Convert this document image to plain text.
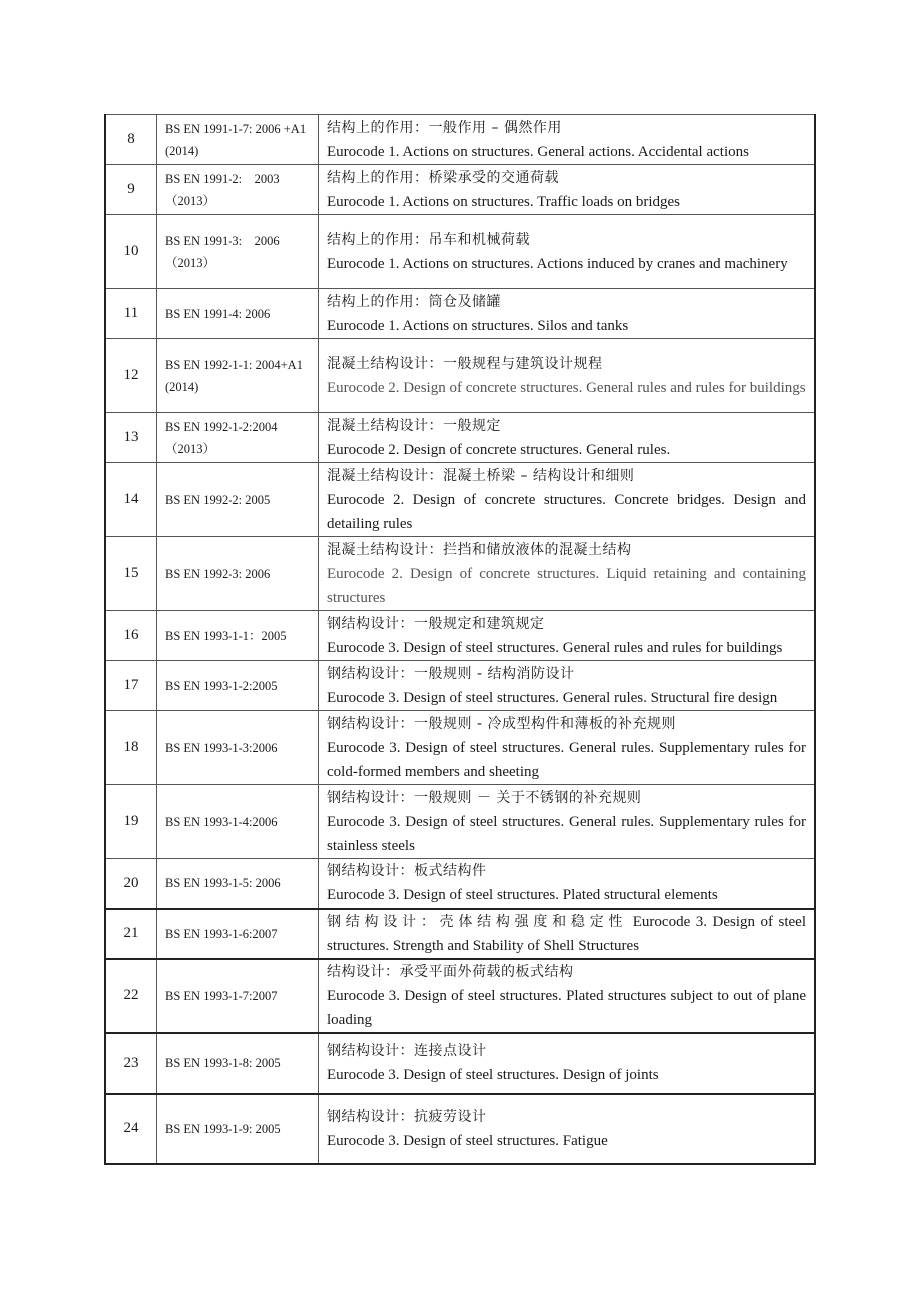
8	BS EN 1991-1-7: 2006 +A1 (2014)	结构上的作用：一般作用 – 偶然作用
Eurocode 1. Actions on structures. General actions. Accidental actions

9	BS EN 1991-2:　2003（2013）	结构上的作用：桥梁承受的交通荷载
Eurocode 1. Actions on structures. Traffic loads on bridges

10	BS EN 1991-3:　2006（2013）	结构上的作用：吊车和机械荷载
Eurocode 1. Actions on structures. Actions induced by cranes and machinery

11	BS EN 1991-4: 2006	结构上的作用：筒仓及储罐
Eurocode 1. Actions on structures. Silos and tanks

12	BS EN 1992-1-1: 2004+A1 (2014)	混凝土结构设计：一般规程与建筑设计规程
Eurocode 2. Design of concrete structures. General rules and rules for buildings

13	BS EN 1992-1-2:2004（2013）	混凝土结构设计：一般规定
Eurocode 2. Design of concrete structures. General rules.

14	BS EN 1992-2: 2005	混凝土结构设计：混凝土桥梁 – 结构设计和细则
Eurocode 2. Design of concrete structures. Concrete bridges. Design and detailing rules

15	BS EN 1992-3: 2006	混凝土结构设计：拦挡和储放液体的混凝土结构
Eurocode 2. Design of concrete structures. Liquid retaining and containing structures

16	BS EN 1993-1-1：2005	钢结构设计：一般规定和建筑规定
Eurocode 3. Design of steel structures. General rules and rules for buildings

17	BS EN 1993-1-2:2005	钢结构设计：一般规则 - 结构消防设计
Eurocode 3. Design of steel structures. General rules. Structural fire design

18	BS EN 1993-1-3:2006	钢结构设计：一般规则 - 冷成型构件和薄板的补充规则
Eurocode 3. Design of steel structures. General rules. Supplementary rules for cold-formed members and sheeting

19	BS EN 1993-1-4:2006	钢结构设计：一般规则 － 关于不锈钢的补充规则
Eurocode 3. Design of steel structures. General rules. Supplementary rules for stainless steels

20	BS EN 1993-1-5: 2006	钢结构设计：板式结构件
Eurocode 3. Design of steel structures. Plated structural elements

21	BS EN 1993-1-6:2007	钢结构设计：壳体结构强度和稳定性 Eurocode 3. Design of steel structures. Strength and Stability of Shell Structures

22	BS EN 1993-1-7:2007	结构设计：承受平面外荷载的板式结构
Eurocode 3. Design of steel structures. Plated structures subject to out of plane loading

23	BS EN 1993-1-8: 2005	钢结构设计：连接点设计
Eurocode 3. Design of steel structures. Design of joints

24	BS EN 1993-1-9: 2005	钢结构设计：抗疲劳设计
Eurocode 3. Design of steel structures. Fatigue
